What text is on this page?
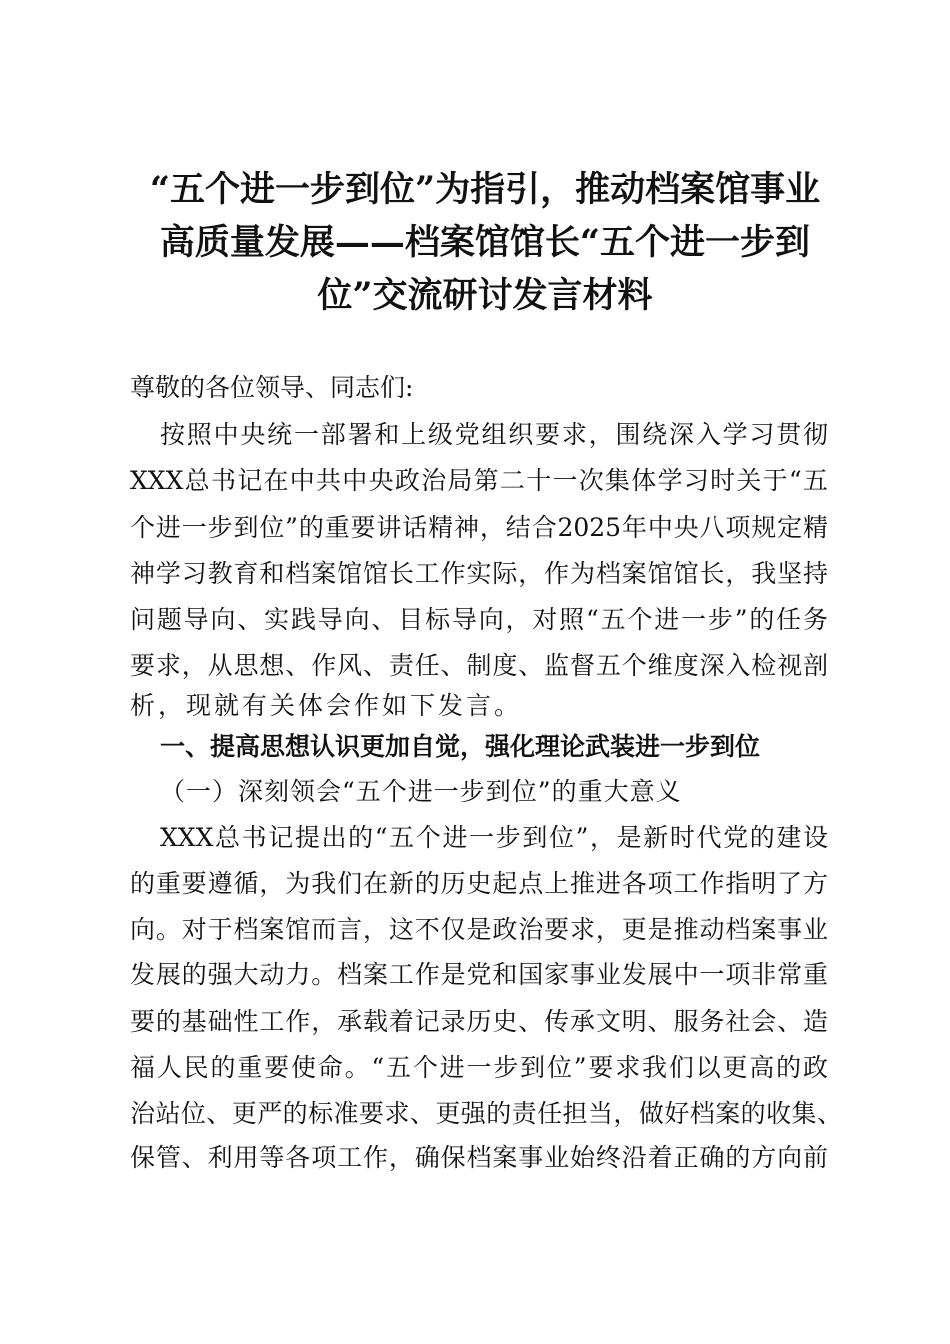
“五个进一步到位”为指引，推动档案馆事业
高质量发展——档案馆馆长“五个进一步到
位”交流研讨发言材料
尊敬的各位领导、同志们:
按照中央统一部署和上级党组织要求，围绕深入学习贯彻
XXX总书记在中共中央政治局第二十一次集体学习时关于“五
个进一步到位”的重要讲话精神，结合2025年中央八项规定精
神学习教育和档案馆馆长工作实际，作为档案馆馆长，我坚持
问题导向、实践导向、目标导向，对照“五个进一步”的任务
要求，从思想、作风、责任、制度、监督五个维度深入检视剖
析，现就有关体会作如下发言。
一、提高思想认识更加自觉，强化理论武装进一步到位
（一）深刻领会“五个进一步到位”的重大意义
XXX总书记提出的“五个进一步到位”，是新时代党的建设
的重要遵循，为我们在新的历史起点上推进各项工作指明了方
向。对于档案馆而言，这不仅是政治要求，更是推动档案事业
发展的强大动力。档案工作是党和国家事业发展中一项非常重
要的基础性工作，承载着记录历史、传承文明、服务社会、造
福人民的重要使命。“五个进一步到位”要求我们以更高的政
治站位、更严的标准要求、更强的责任担当，做好档案的收集、
保管、利用等各项工作，确保档案事业始终沿着正确的方向前
